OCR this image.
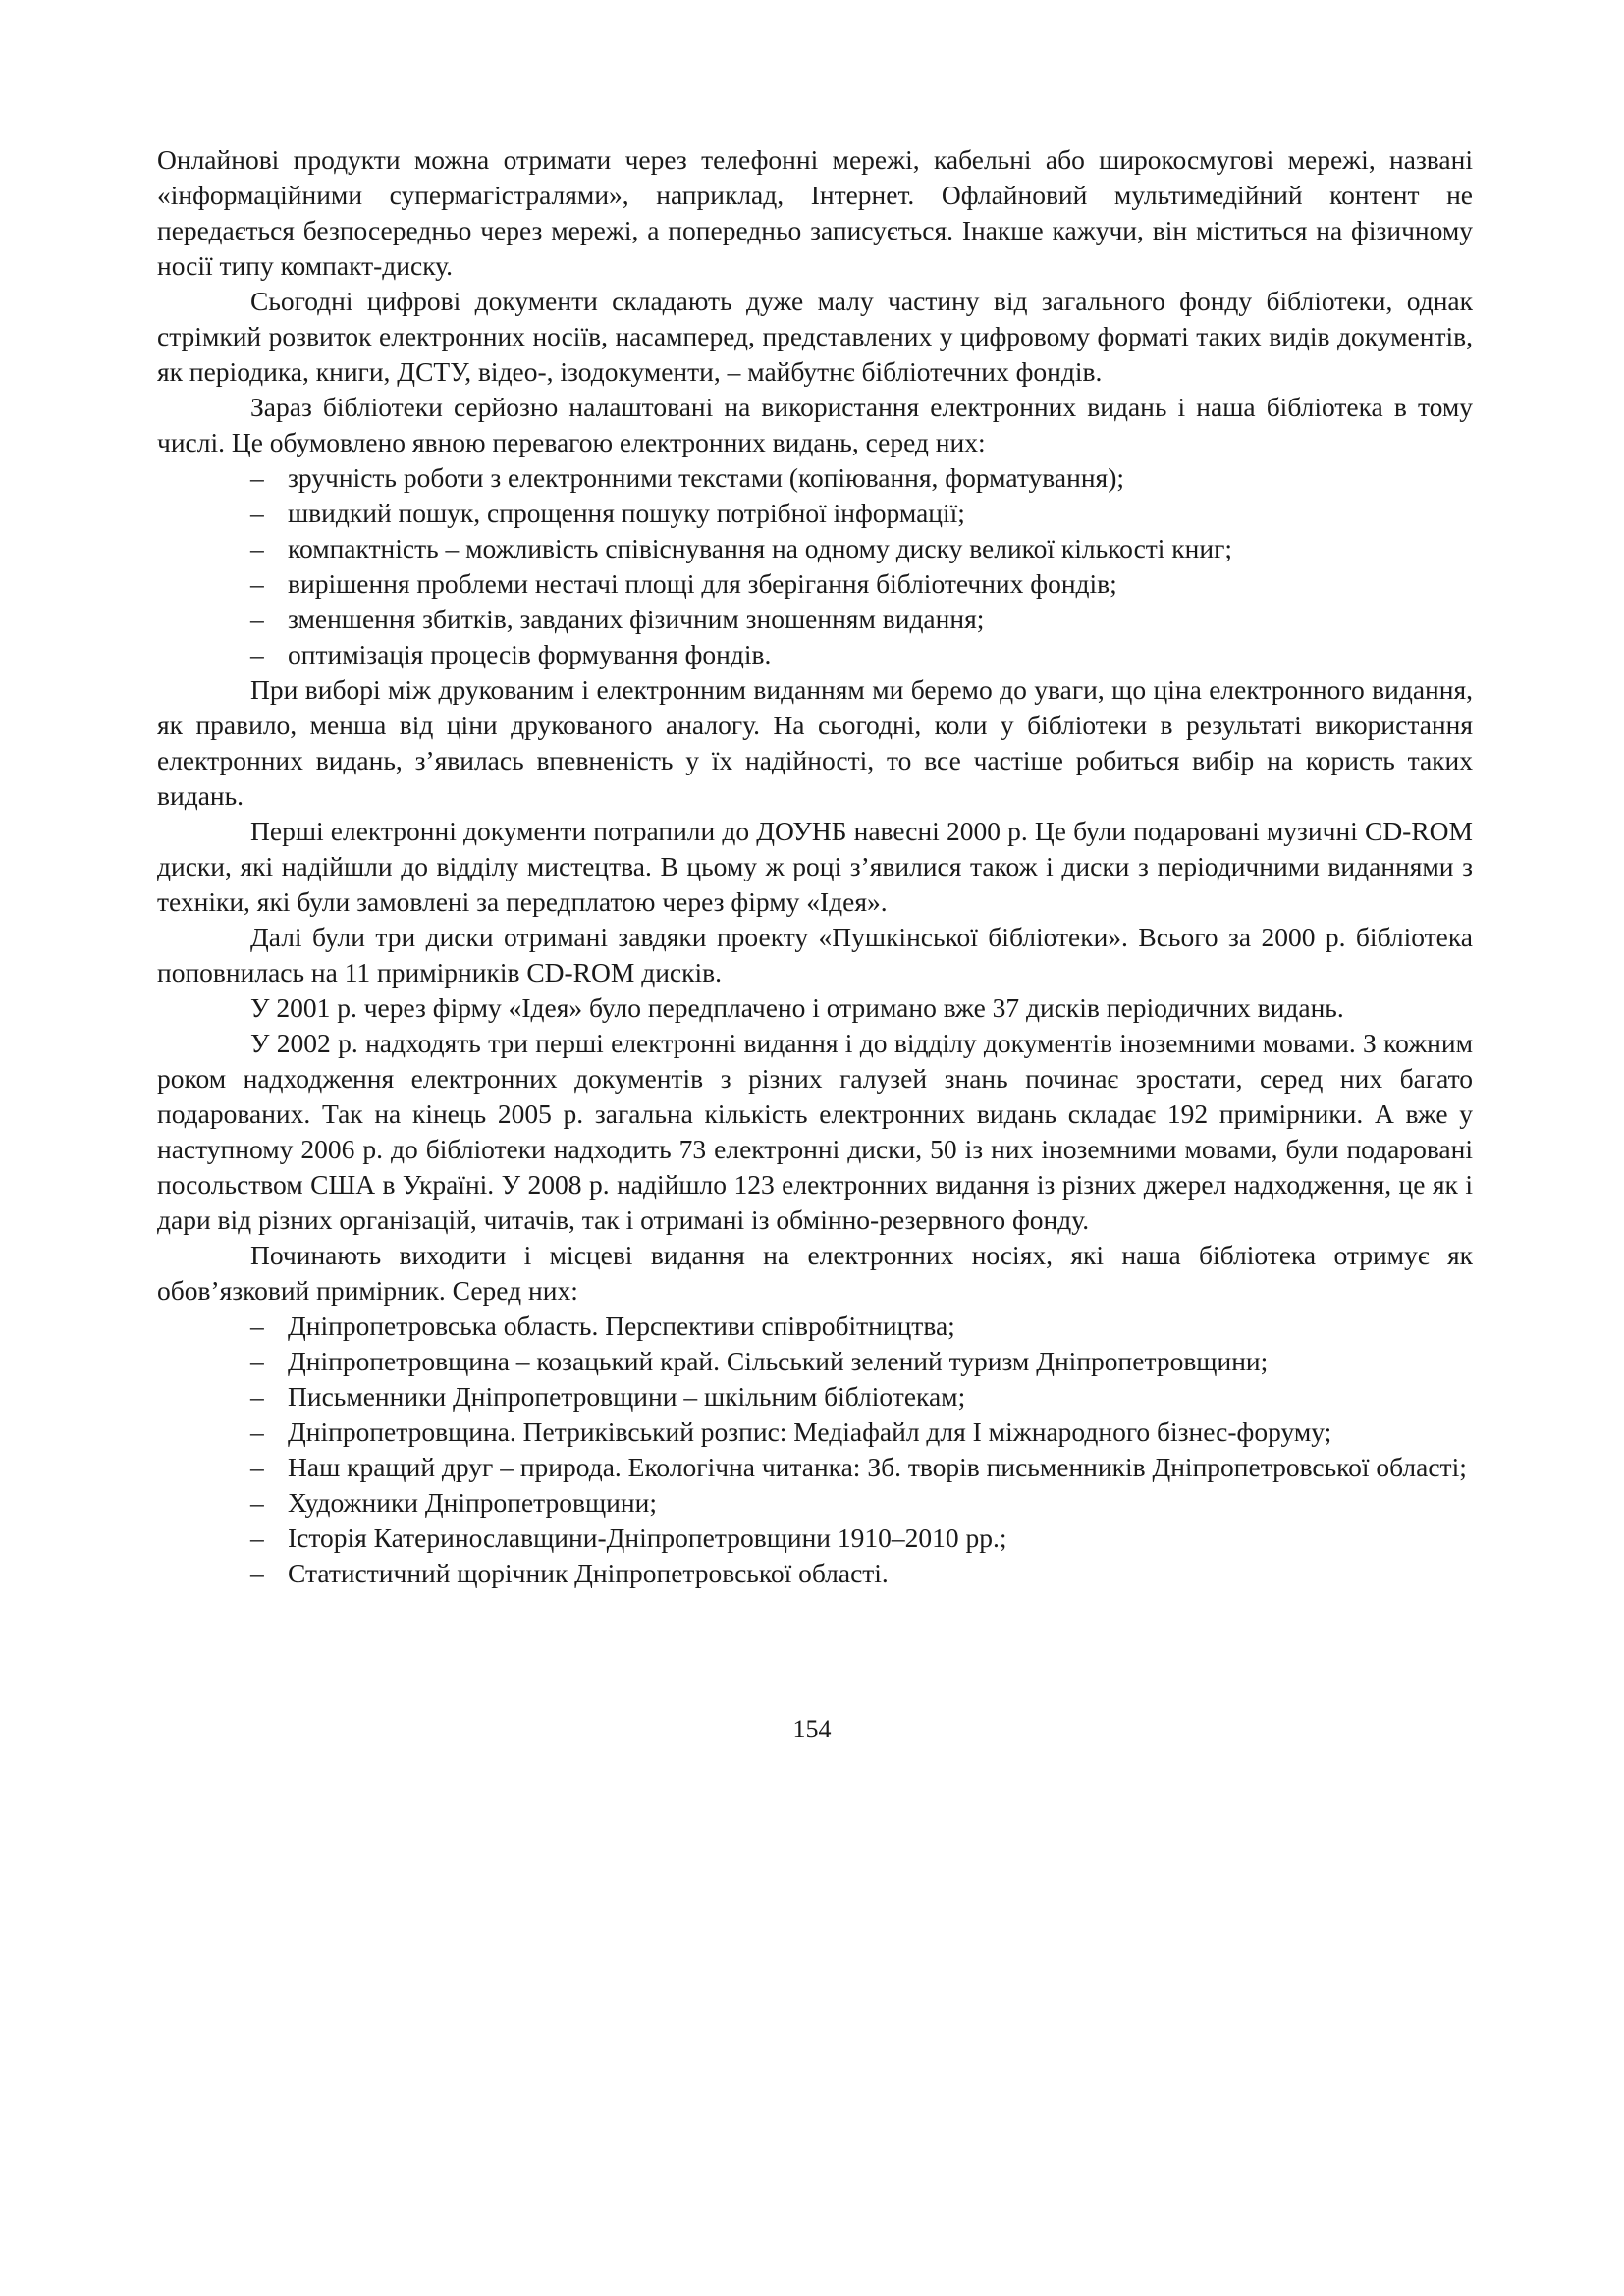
Онлайнові продукти можна отримати через телефонні мережі, кабельні або широкосмугові мережі, названі «інформаційними супермагістралями», наприклад, Інтернет. Офлайновий мультимедійний контент не передається безпосередньо через мережі, а попередньо записується. Інакше кажучи, він міститься на фізичному носії типу компакт-диску.

Сьогодні цифрові документи складають дуже малу частину від загального фонду бібліотеки, однак стрімкий розвиток електронних носіїв, насамперед, представлених у цифровому форматі таких видів документів, як періодика, книги, ДСТУ, відео-, ізодокументи, – майбутнє бібліотечних фондів.

Зараз бібліотеки серйозно налаштовані на використання електронних видань і наша бібліотека в тому числі. Це обумовлено явною перевагою електронних видань, серед них:

– зручність роботи з електронними текстами (копіювання, форматування);
– швидкий пошук, спрощення пошуку потрібної інформації;
– компактність – можливість співіснування на одному диску великої кількості книг;
– вирішення проблеми нестачі площі для зберігання бібліотечних фондів;
– зменшення збитків, завданих фізичним зношенням видання;
– оптимізація процесів формування фондів.

При виборі між друкованим і електронним виданням ми беремо до уваги, що ціна електронного видання, як правило, менша від ціни друкованого аналогу. На сьогодні, коли у бібліотеки в результаті використання електронних видань, з’явилась впевненість у їх надійності, то все частіше робиться вибір на користь таких видань.

Перші електронні документи потрапили до ДОУНБ навесні 2000 р. Це були подаровані музичні CD-ROM диски, які надійшли до відділу мистецтва. В цьому ж році з’явилися також і диски з періодичними виданнями з техніки, які були замовлені за передплатою через фірму «Ідея».

Далі були три диски отримані завдяки проекту «Пушкінської бібліотеки». Всього за 2000 р. бібліотека поповнилась на 11 примірників CD-ROM дисків.

У 2001 р. через фірму «Ідея» було передплачено і отримано вже 37 дисків періодичних видань.

У 2002 р. надходять три перші електронні видання і до відділу документів іноземними мовами. З кожним роком надходження електронних документів з різних галузей знань починає зростати, серед них багато подарованих. Так на кінець 2005 р. загальна кількість електронних видань складає 192 примірники. А вже у наступному 2006 р. до бібліотеки надходить 73 електронні диски, 50 із них іноземними мовами, були подаровані посольством США в Україні. У 2008 р. надійшло 123 електронних видання із різних джерел надходження, це як і дари від різних організацій, читачів, так і отримані із обмінно-резервного фонду.

Починають виходити і місцеві видання на електронних носіях, які наша бібліотека отримує як обов’язковий примірник. Серед них:

– Дніпропетровська область. Перспективи співробітництва;
– Дніпропетровщина – козацький край. Сільський зелений туризм Дніпропетровщини;
– Письменники Дніпропетровщини – шкільним бібліотекам;
– Дніпропетровщина. Петриківський розпис: Медіафайл для I міжнародного бізнес-форуму;
– Наш кращий друг – природа. Екологічна читанка: Зб. творів письменників Дніпропетровської області;
– Художники Дніпропетровщини;
– Історія Катеринославщини-Дніпропетровщини 1910–2010 рр.;
– Статистичний щорічник Дніпропетровської області.
154
